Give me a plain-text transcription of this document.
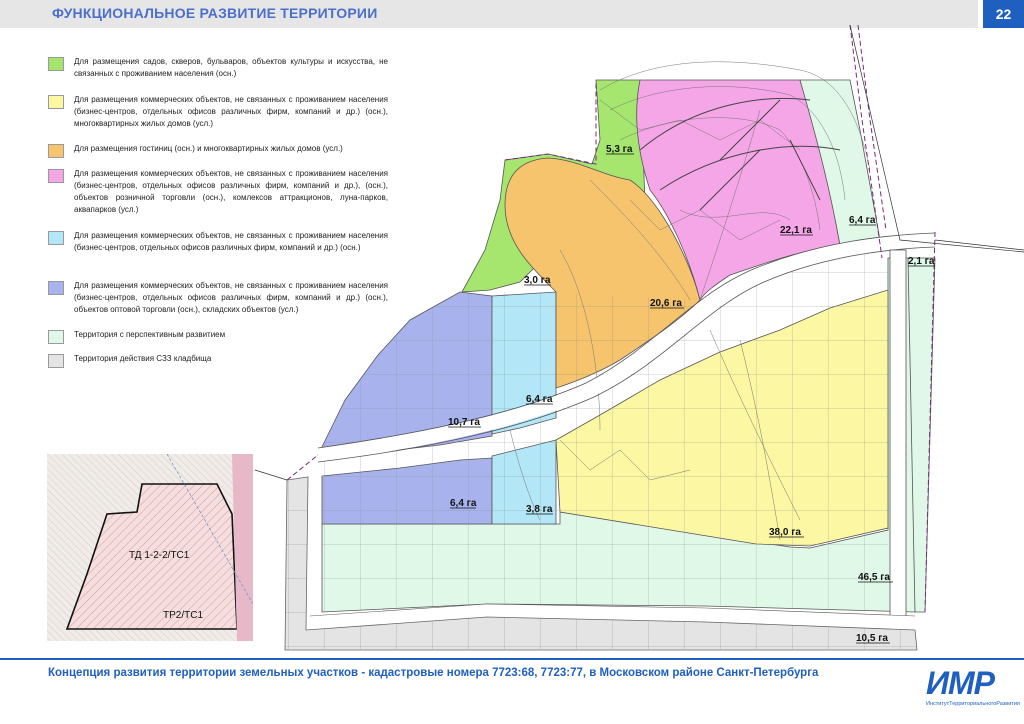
ФУНКЦИОНАЛЬНОЕ РАЗВИТИЕ ТЕРРИТОРИИ	22
Для размещения садов, скверов, бульваров, объектов культуры и искусства, не связанных с проживанием населения (осн.)
Для размещения коммерческих объектов, не связанных с проживанием населения (бизнес-центров, отдельных офисов различных фирм, компаний и др.) (осн.), многоквартирных жилых домов (усл.)
Для размещения гостиниц (осн.) и многоквартирных жилых домов (усл.)
Для размещения коммерческих объектов, не связанных с проживанием населения (бизнес-центров, отдельных офисов различных фирм, компаний и др.), (осн.), объектов розничной торговли (осн.), комлексов аттракционов, луна-парков, аквапарков (усл.)
Для размещения коммерческих объектов, не связанных с проживанием населения (бизнес-центров, отдельных офисов различных фирм, компаний и др.) (осн.)
Для размещения коммерческих объектов, не связанных с проживанием населения (бизнес-центров, отдельных офисов различных фирм, компаний и др.) (осн.), объектов оптовой торговли (осн.), складских объектов (усл.)
Территория с перспективным развитием
Территория действия СЗЗ кладбища
5,3 га
3,0 га
20,6 га
22,1 га
6,4 га
2,1 га
6,4 га
10,7 га
6,4 га
3,8 га
38,0 га
46,5 га
10,5 га
ТД 1-2-2/ТС1
ТР2/ТС1
Концепция развития территории земельных участков - кадастровые номера 7723:68, 7723:77, в Московском районе Санкт-Петербурга	ИМР
ИнститутТерриториальногоРазвития
